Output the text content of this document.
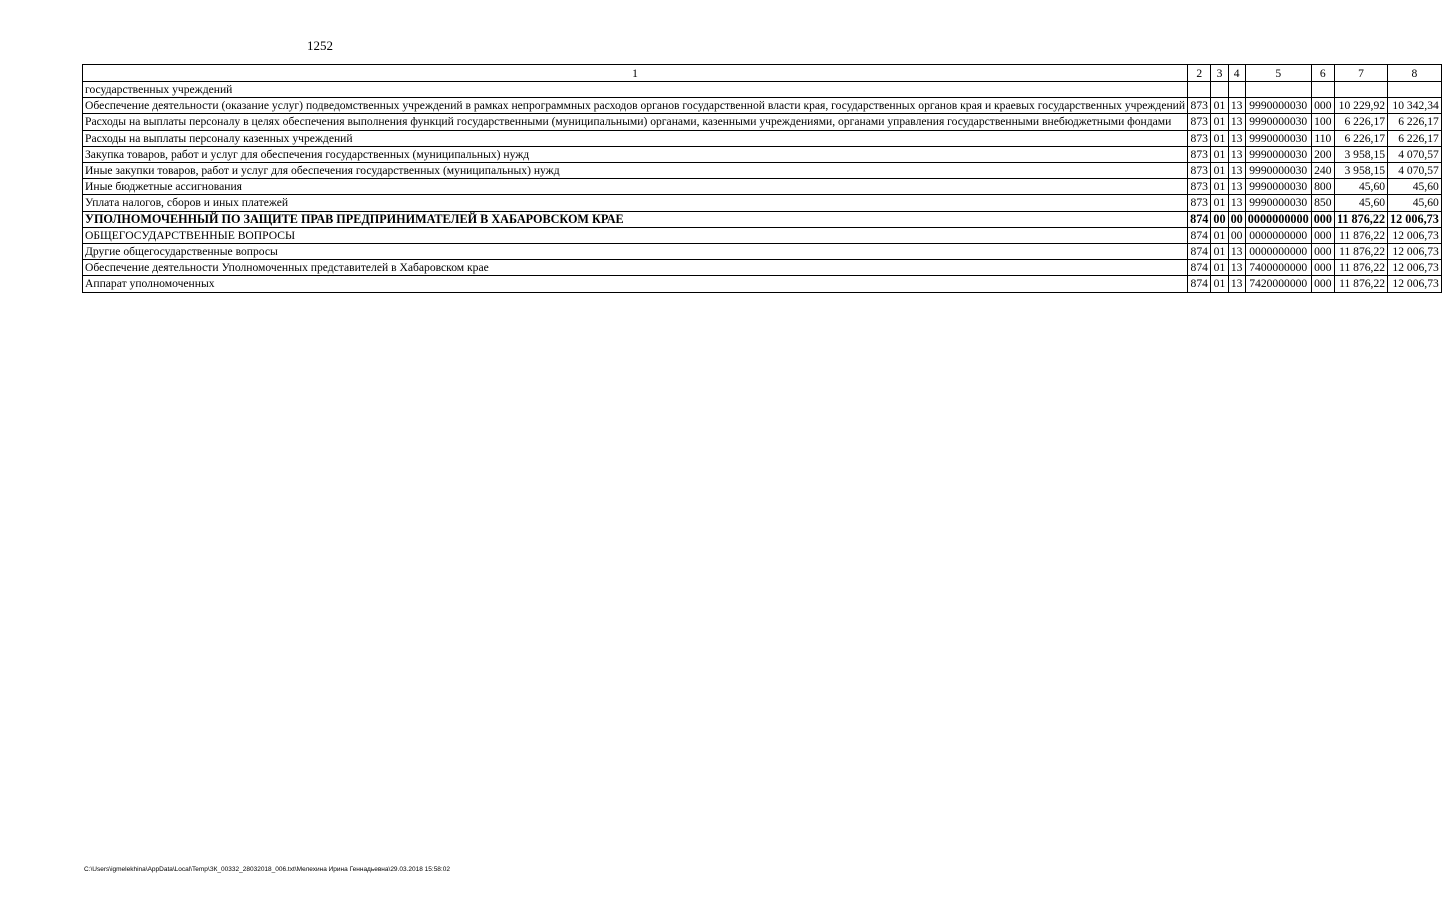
1252
1	2	3	4	5	6	7	8
государственных учреждений							
Обеспечение деятельности (оказание услуг) подведомственных учреждений в рамках непрограммных расходов органов государственной власти края, государственных органов края и краевых государственных учреждений	873	01	13	9990000030	000	10 229,92	10 342,34
Расходы на выплаты персоналу в целях обеспечения выполнения функций государственными (муниципальными) органами, казенными учреждениями, органами управления государственными внебюджетными фондами	873	01	13	9990000030	100	6 226,17	6 226,17
Расходы на выплаты персоналу казенных учреждений	873	01	13	9990000030	110	6 226,17	6 226,17
Закупка товаров, работ и услуг для обеспечения государственных (муниципальных) нужд	873	01	13	9990000030	200	3 958,15	4 070,57
Иные закупки товаров, работ и услуг для обеспечения государственных (муниципальных) нужд	873	01	13	9990000030	240	3 958,15	4 070,57
Иные бюджетные ассигнования	873	01	13	9990000030	800	45,60	45,60
Уплата налогов, сборов и иных платежей	873	01	13	9990000030	850	45,60	45,60
УПОЛНОМОЧЕННЫЙ ПО ЗАЩИТЕ ПРАВ ПРЕДПРИНИМАТЕЛЕЙ В ХАБАРОВСКОМ КРАЕ	874	00	00	0000000000	000	11 876,22	12 006,73
ОБЩЕГОСУДАРСТВЕННЫЕ ВОПРОСЫ	874	01	00	0000000000	000	11 876,22	12 006,73
Другие общегосударственные вопросы	874	01	13	0000000000	000	11 876,22	12 006,73
Обеспечение деятельности Уполномоченных представителей в Хабаровском крае	874	01	13	7400000000	000	11 876,22	12 006,73
Аппарат уполномоченных	874	01	13	7420000000	000	11 876,22	12 006,73
C:\Users\igmelekhina\AppData\Local\Temp\ЗК_00332_28032018_006.txt\Мелехина Ирина Геннадьевна\29.03.2018 15:58:02
